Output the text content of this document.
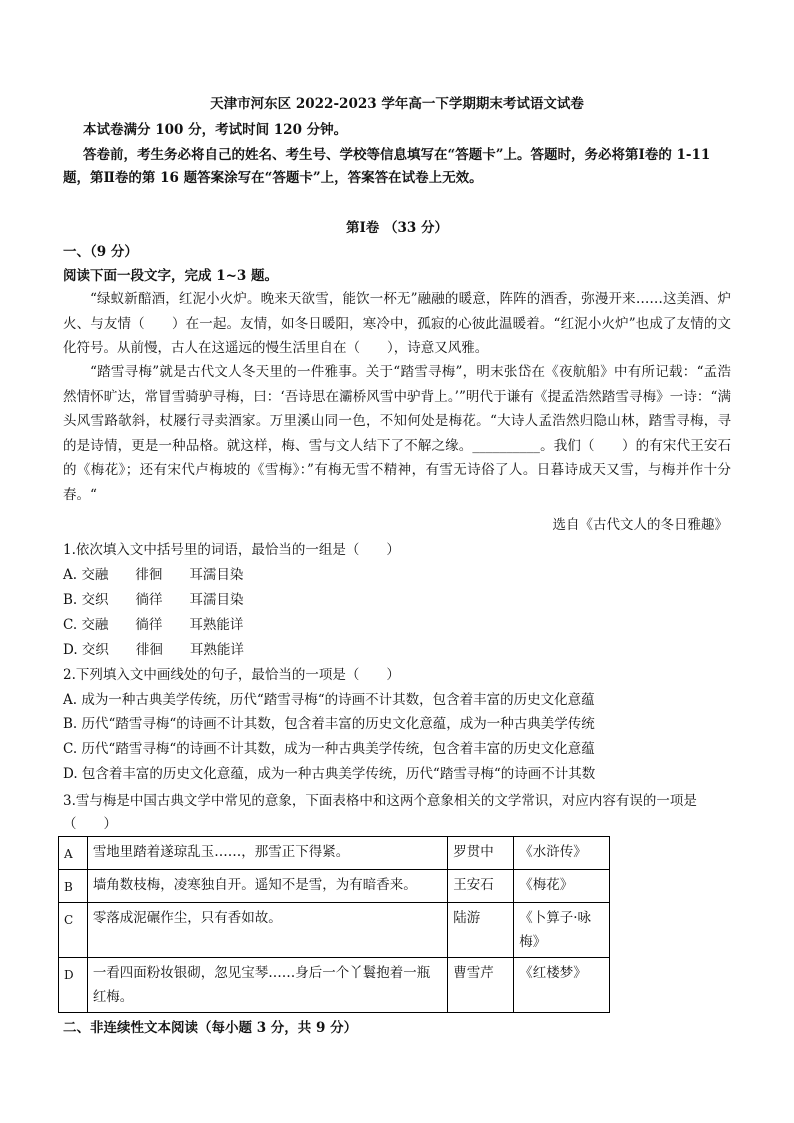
天津市河东区 2022-2023 学年高一下学期期末考试语文试卷
本试卷满分 100 分，考试时间 120 分钟。
答卷前，考生务必将自己的姓名、考生号、学校等信息填写在“答题卡”上。答题时，务必将第Ⅰ卷的 1-11
题，第Ⅱ卷的第 16 题答案涂写在“答题卡”上，答案答在试卷上无效。
第Ⅰ卷 （33 分）
一、（9 分）
阅读下面一段文字，完成 1~3 题。
“绿蚁新醅酒，红泥小火炉。晚来天欲雪，能饮一杯无”融融的暖意，阵阵的酒香，弥漫开来……这美酒、炉火、与友情（　　）在一起。友情，如冬日暖阳，寒冷中，孤寂的心彼此温暖着。“红泥小火炉”也成了友情的文化符号。从前慢，古人在这遥远的慢生活里自在（　　），诗意又风雅。
“踏雪寻梅”就是古代文人冬天里的一件雅事。关于“踏雪寻梅”，明末张岱在《夜航船》中有所记载：“孟浩然情怀旷达，常冒雪骑驴寻梅，曰：‘吾诗思在灞桥风雪中驴背上。’”明代于谦有《提孟浩然踏雪寻梅》一诗：“满头风雪路欹斜，杖屦行寻卖酒家。万里溪山同一色，不知何处是梅花。“大诗人孟浩然归隐山林，踏雪寻梅，寻的是诗情，更是一种品格。就这样，梅、雪与文人结下了不解之缘。__________。我们（　　）的有宋代王安石的《梅花》；还有宋代卢梅坡的《雪梅》：”有梅无雪不精神，有雪无诗俗了人。日暮诗成天又雪，与梅并作十分春。“
选自《古代文人的冬日雅趣》
1.依次填入文中括号里的词语，最恰当的一组是（　　）
A. 交融　　徘徊　　耳濡目染
B. 交织　　徜徉　　耳濡目染
C. 交融　　徜徉　　耳熟能详
D. 交织　　徘徊　　耳熟能详
2.下列填入文中画线处的句子，最恰当的一项是（　　）
A. 成为一种古典美学传统，历代“踏雪寻梅“的诗画不计其数，包含着丰富的历史文化意蕴
B. 历代“踏雪寻梅“的诗画不计其数，包含着丰富的历史文化意蕴，成为一种古典美学传统
C. 历代“踏雪寻梅“的诗画不计其数，成为一种古典美学传统，包含着丰富的历史文化意蕴
D. 包含着丰富的历史文化意蕴，成为一种古典美学传统，历代“踏雪寻梅“的诗画不计其数
3.雪与梅是中国古典文学中常见的意象，下面表格中和这两个意象相关的文学常识，对应内容有误的一项是
（　　）
A	雪地里踏着遂琼乱玉……，那雪正下得紧。	罗贯中	《水浒传》
B	墙角数枝梅，凌寒独自开。遥知不是雪，为有暗香来。	王安石	《梅花》
C	零落成泥碾作尘，只有香如故。	陆游	《卜算子·咏梅》
D	一看四面粉妆银砌，忽见宝琴……身后一个丫鬟抱着一瓶红梅。	曹雪芹	《红楼梦》
二、非连续性文本阅读（每小题 3 分，共 9 分）
